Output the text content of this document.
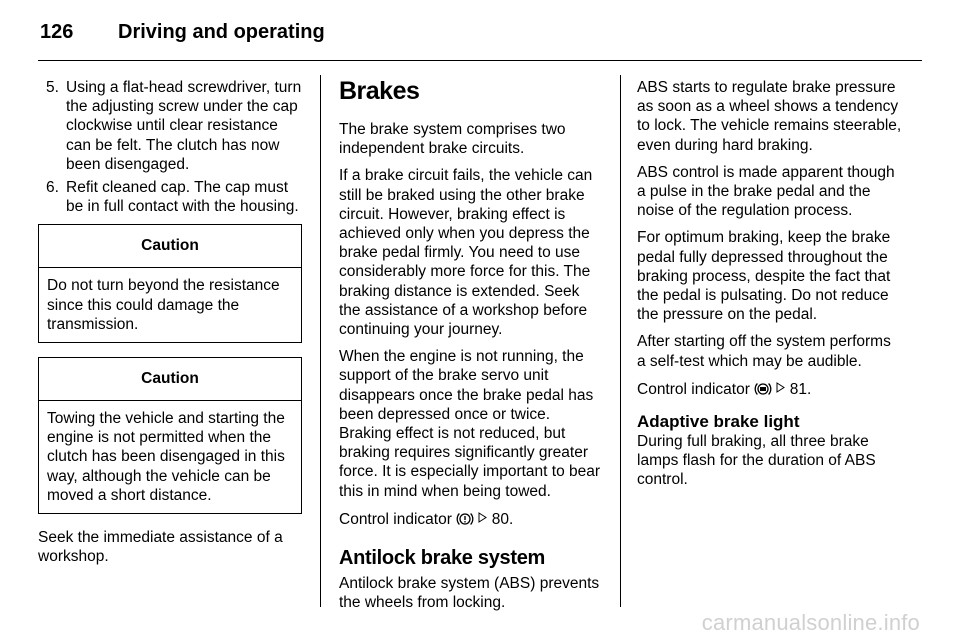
126 Driving and operating
5. Using a flat-head screwdriver, turn the adjusting screw under the cap clockwise until clear resistance can be felt. The clutch has now been disengaged.
6. Refit cleaned cap. The cap must be in full contact with the housing.
Caution
Do not turn beyond the resistance since this could damage the transmission.
Caution
Towing the vehicle and starting the engine is not permitted when the clutch has been disengaged in this way, although the vehicle can be moved a short distance.

Seek the immediate assistance of a workshop.

Brakes

The brake system comprises two independent brake circuits.

If a brake circuit fails, the vehicle can still be braked using the other brake circuit. However, braking effect is achieved only when you depress the brake pedal firmly. You need to use considerably more force for this. The braking distance is extended. Seek the assistance of a workshop before continuing your journey.

When the engine is not running, the support of the brake servo unit disappears once the brake pedal has been depressed once or twice. Braking effect is not reduced, but braking requires significantly greater force. It is especially important to bear this in mind when being towed.

Control indicator	80.

Antilock brake system

Antilock brake system (ABS) prevents the wheels from locking.

ABS starts to regulate brake pressure as soon as a wheel shows a tendency to lock. The vehicle remains steerable, even during hard braking.

ABS control is made apparent though a pulse in the brake pedal and the noise of the regulation process.

For optimum braking, keep the brake pedal fully depressed throughout the braking process, despite the fact that the pedal is pulsating. Do not reduce the pressure on the pedal.

After starting off the system performs a self-test which may be audible.

Control indicator	81.

Adaptive brake light

During full braking, all three brake lamps flash for the duration of ABS control.

carmanualsonline.info
